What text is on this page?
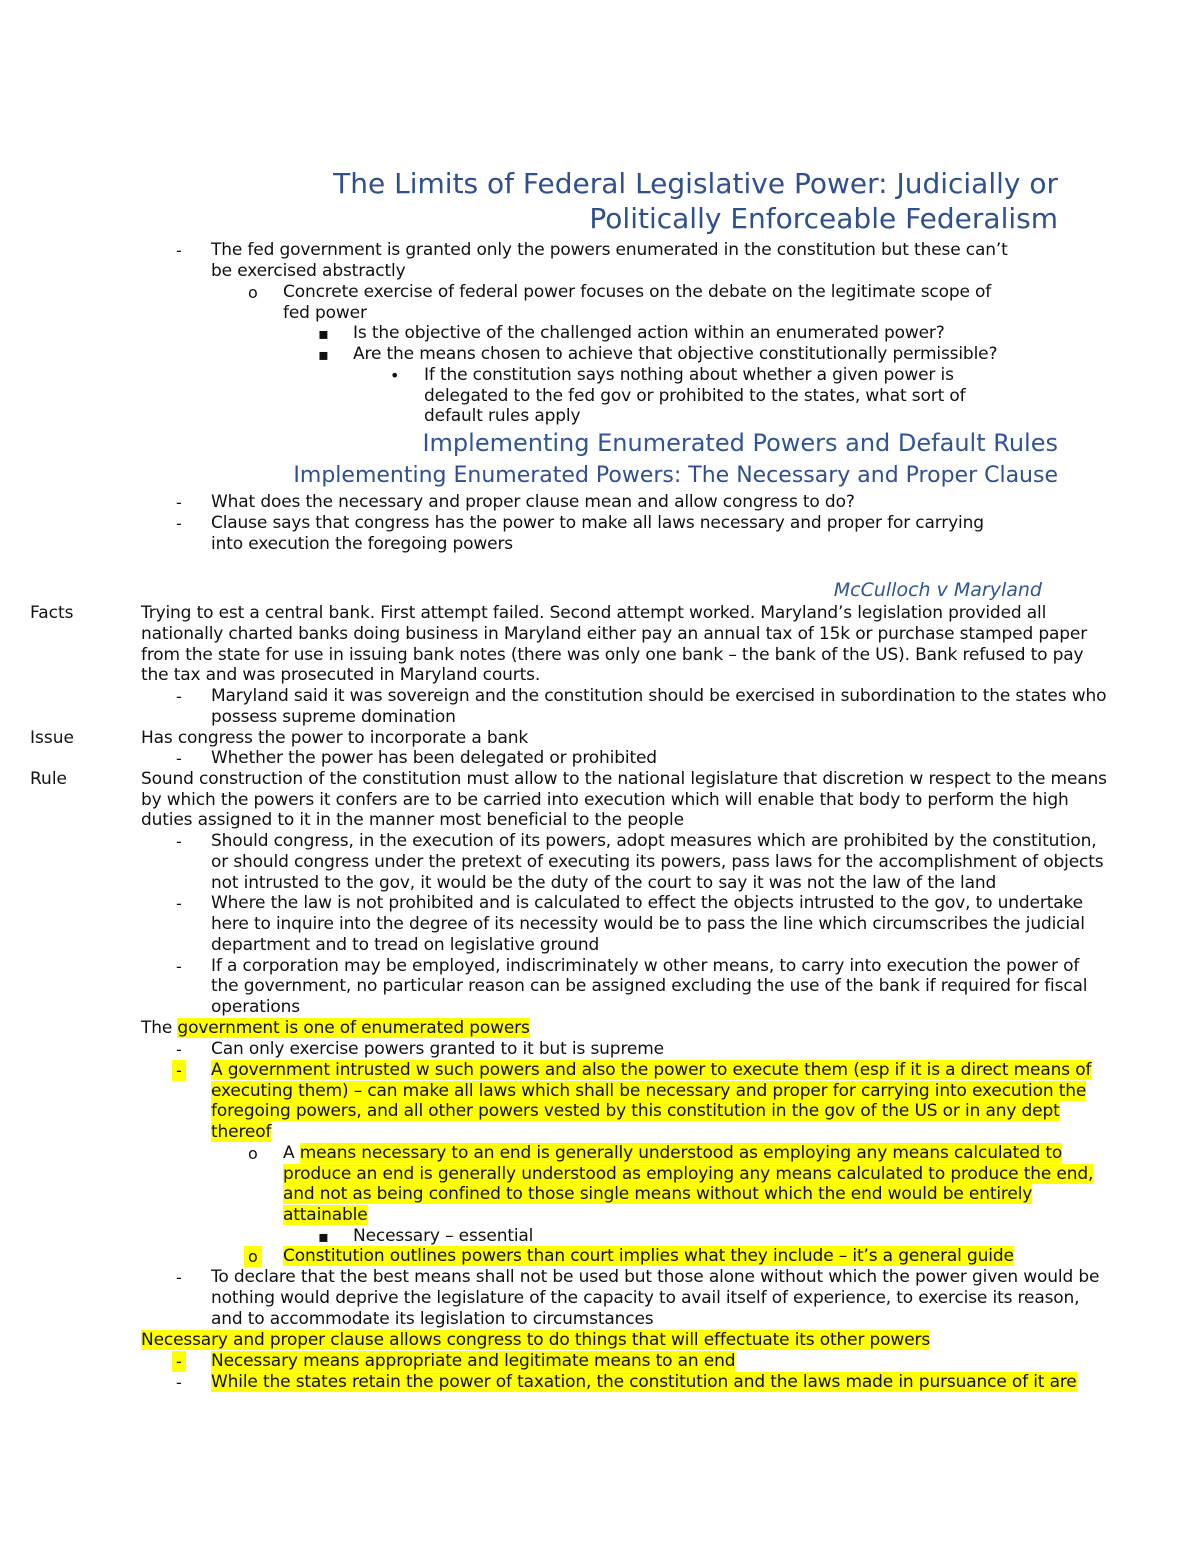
The Limits of Federal Legislative Power: Judicially or
Politically Enforceable Federalism
- The fed government is granted only the powers enumerated in the constitution but these can’t
be exercised abstractly
o Concrete exercise of federal power focuses on the debate on the legitimate scope of
fed power
▪ Is the objective of the challenged action within an enumerated power?
▪ Are the means chosen to achieve that objective constitutionally permissible?
• If the constitution says nothing about whether a given power is
delegated to the fed gov or prohibited to the states, what sort of
default rules apply
Implementing Enumerated Powers and Default Rules
Implementing Enumerated Powers: The Necessary and Proper Clause
- What does the necessary and proper clause mean and allow congress to do?
- Clause says that congress has the power to make all laws necessary and proper for carrying
into execution the foregoing powers
McCulloch v Maryland
Facts	Trying to est a central bank. First attempt failed. Second attempt worked. Maryland’s legislation provided all
nationally charted banks doing business in Maryland either pay an annual tax of 15k or purchase stamped paper
from the state for use in issuing bank notes (there was only one bank – the bank of the US). Bank refused to pay
the tax and was prosecuted in Maryland courts.
- Maryland said it was sovereign and the constitution should be exercised in subordination to the states who
possess supreme domination
Issue	Has congress the power to incorporate a bank
- Whether the power has been delegated or prohibited
Rule	Sound construction of the constitution must allow to the national legislature that discretion w respect to the means
by which the powers it confers are to be carried into execution which will enable that body to perform the high
duties assigned to it in the manner most beneficial to the people
- Should congress, in the execution of its powers, adopt measures which are prohibited by the constitution,
or should congress under the pretext of executing its powers, pass laws for the accomplishment of objects
not intrusted to the gov, it would be the duty of the court to say it was not the law of the land
- Where the law is not prohibited and is calculated to effect the objects intrusted to the gov, to undertake
here to inquire into the degree of its necessity would be to pass the line which circumscribes the judicial
department and to tread on legislative ground
- If a corporation may be employed, indiscriminately w other means, to carry into execution the power of
the government, no particular reason can be assigned excluding the use of the bank if required for fiscal
operations
The government is one of enumerated powers
- Can only exercise powers granted to it but is supreme
- A government intrusted w such powers and also the power to execute them (esp if it is a direct means of
executing them) – can make all laws which shall be necessary and proper for carrying into execution the
foregoing powers, and all other powers vested by this constitution in the gov of the US or in any dept
thereof
o A means necessary to an end is generally understood as employing any means calculated to
produce an end is generally understood as employing any means calculated to produce the end,
and not as being confined to those single means without which the end would be entirely
attainable
▪ Necessary – essential
o Constitution outlines powers than court implies what they include – it’s a general guide
- To declare that the best means shall not be used but those alone without which the power given would be
nothing would deprive the legislature of the capacity to avail itself of experience, to exercise its reason,
and to accommodate its legislation to circumstances
Necessary and proper clause allows congress to do things that will effectuate its other powers
- Necessary means appropriate and legitimate means to an end
- While the states retain the power of taxation, the constitution and the laws made in pursuance of it are
